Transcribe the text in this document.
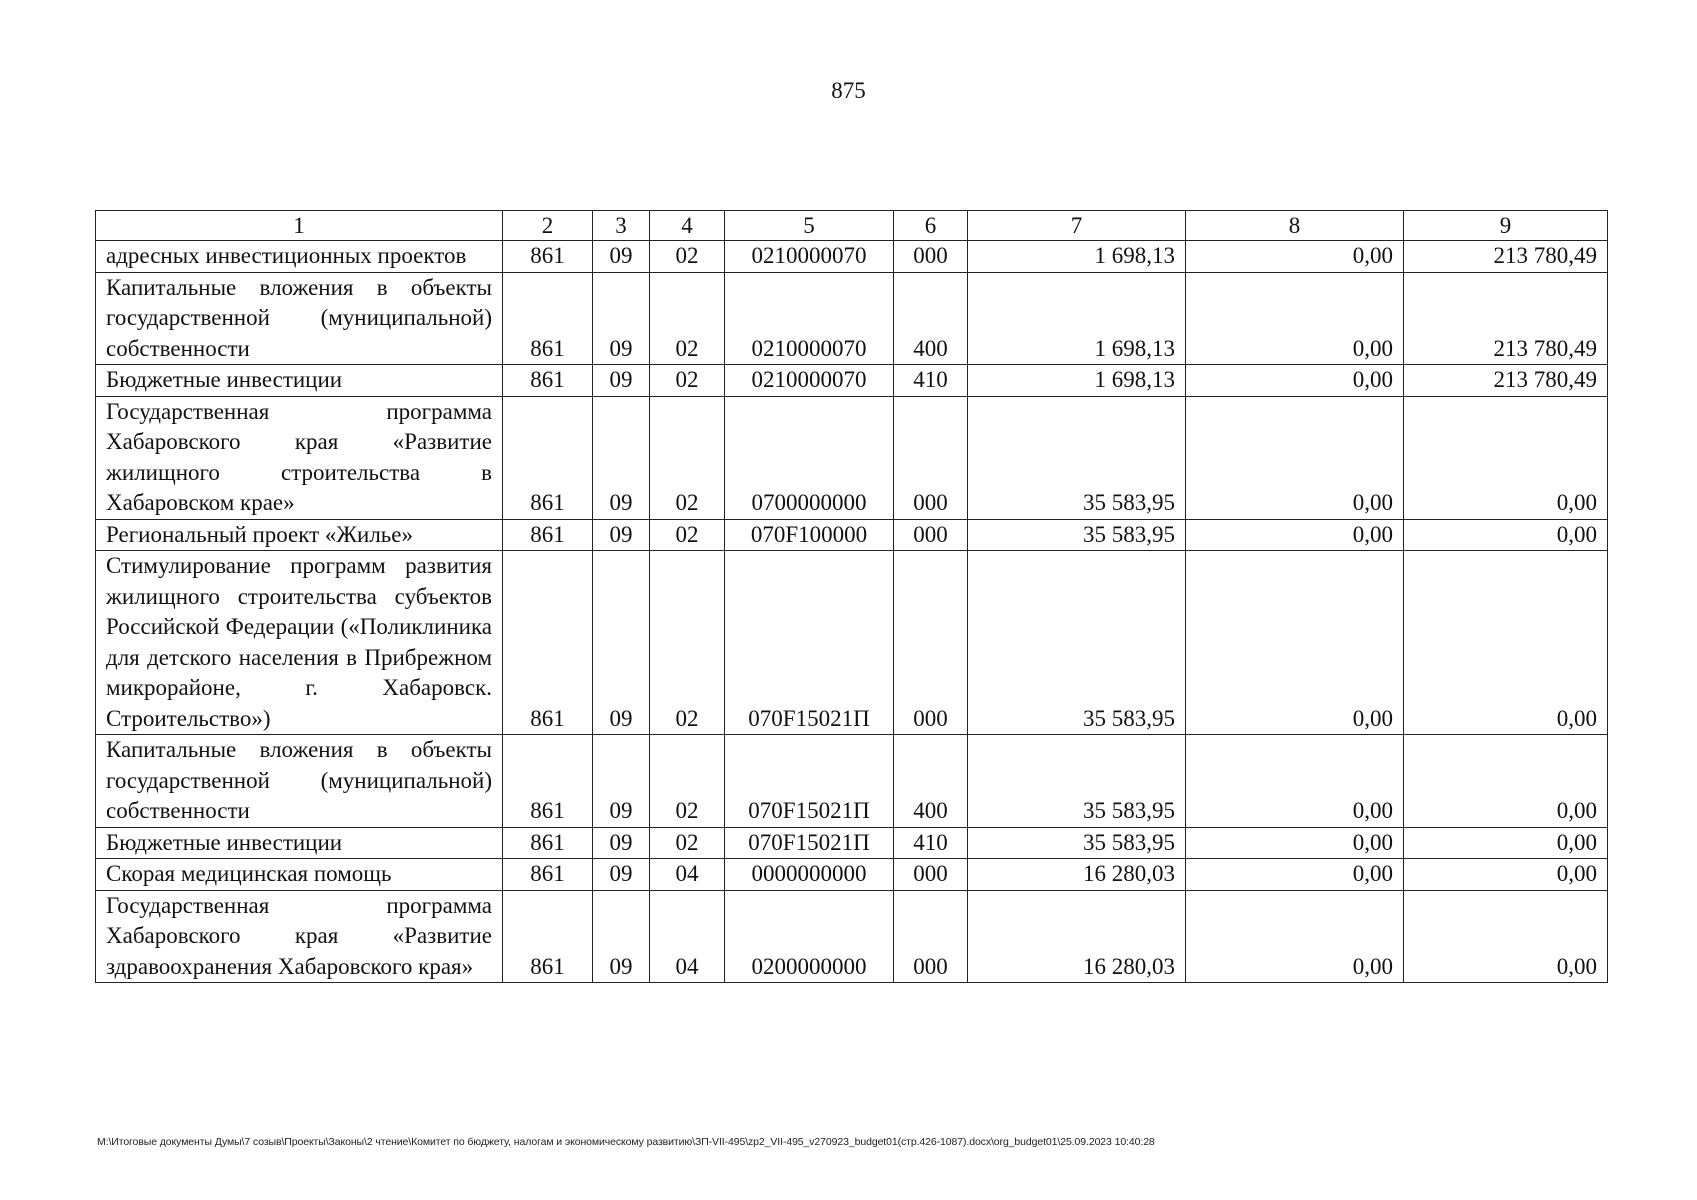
875
1	2	3	4	5	6	7	8	9
адресных инвестиционных проектов	861	09	02	0210000070	000	1 698,13	0,00	213 780,49
Капитальные вложения в объекты государственной (муниципальной) собственности	861	09	02	0210000070	400	1 698,13	0,00	213 780,49
Бюджетные инвестиции	861	09	02	0210000070	410	1 698,13	0,00	213 780,49
Государственная программа Хабаровского края «Развитие жилищного строительства в Хабаровском крае»	861	09	02	0700000000	000	35 583,95	0,00	0,00
Региональный проект «Жилье»	861	09	02	070F100000	000	35 583,95	0,00	0,00
Стимулирование программ развития жилищного строительства субъектов Российской Федерации («Поликлиника для детского населения в Прибрежном микрорайоне, г. Хабаровск. Строительство»)	861	09	02	070F15021П	000	35 583,95	0,00	0,00
Капитальные вложения в объекты государственной (муниципальной) собственности	861	09	02	070F15021П	400	35 583,95	0,00	0,00
Бюджетные инвестиции	861	09	02	070F15021П	410	35 583,95	0,00	0,00
Скорая медицинская помощь	861	09	04	0000000000	000	16 280,03	0,00	0,00
Государственная программа Хабаровского края «Развитие здравоохранения Хабаровского края»	861	09	04	0200000000	000	16 280,03	0,00	0,00
M:\Итоговые документы Думы\7 созыв\Проекты\Законы\2 чтение\Комитет по бюджету, налогам и экономическому развитию\ЗП-VII-495\zp2_VII-495_v270923_budget01(стр.426-1087).docx\org_budget01\25.09.2023 10:40:28
